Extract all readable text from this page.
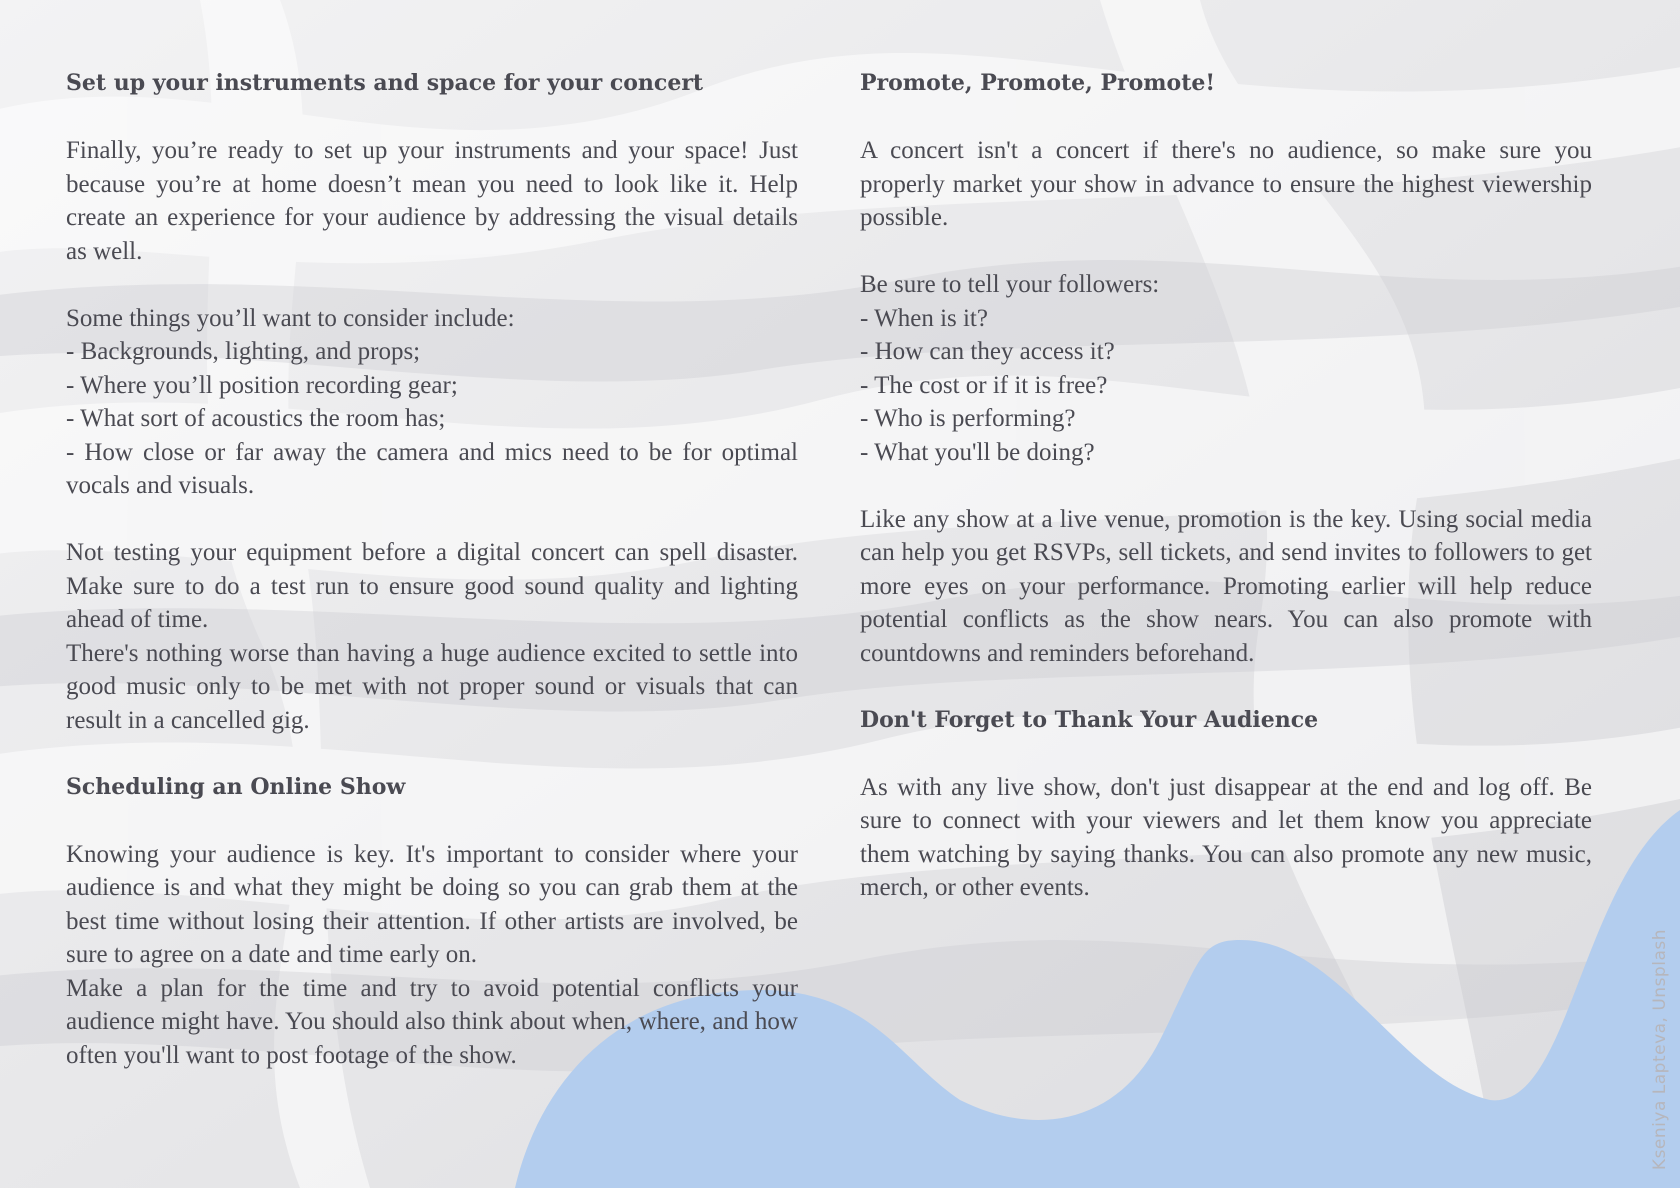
Set up your instruments and space for your concert

Finally, you’re ready to set up your instruments and your space! Just because you’re at home doesn’t mean you need to look like it. Help create an experience for your audience by addressing the visual details as well.

Some things you’ll want to consider include:

- Backgrounds, lighting, and props;
- Where you’ll position recording gear;
- What sort of acoustics the room has;
- How close or far away the camera and mics need to be for optimal vocals and visuals.

Not testing your equipment before a digital concert can spell disaster. Make sure to do a test run to ensure good sound quality and lighting ahead of time.

There's nothing worse than having a huge audience excited to settle into good music only to be met with not proper sound or visuals that can result in a cancelled gig.

Scheduling an Online Show

Knowing your audience is key. It's important to consider where your audience is and what they might be doing so you can grab them at the best time without losing their attention. If other artists are involved, be sure to agree on a date and time early on.

Make a plan for the time and try to avoid potential conflicts your audience might have. You should also think about when, where, and how often you'll want to post footage of the show.

Promote, Promote, Promote!

A concert isn't a concert if there's no audience, so make sure you properly market your show in advance to ensure the highest viewership possible.

Be sure to tell your followers:

- When is it?
- How can they access it?
- The cost or if it is free?
- Who is performing?
- What you'll be doing?

Like any show at a live venue, promotion is the key. Using social media can help you get RSVPs, sell tickets, and send invites to followers to get more eyes on your performance. Promoting earlier will help reduce potential conflicts as the show nears. You can also promote with countdowns and reminders beforehand.

Don't Forget to Thank Your Audience

As with any live show, don't just disappear at the end and log off. Be sure to connect with your viewers and let them know you appreciate them watching by saying thanks. You can also promote any new music, merch, or other events.

Kseniya Lapteva, Unsplash
